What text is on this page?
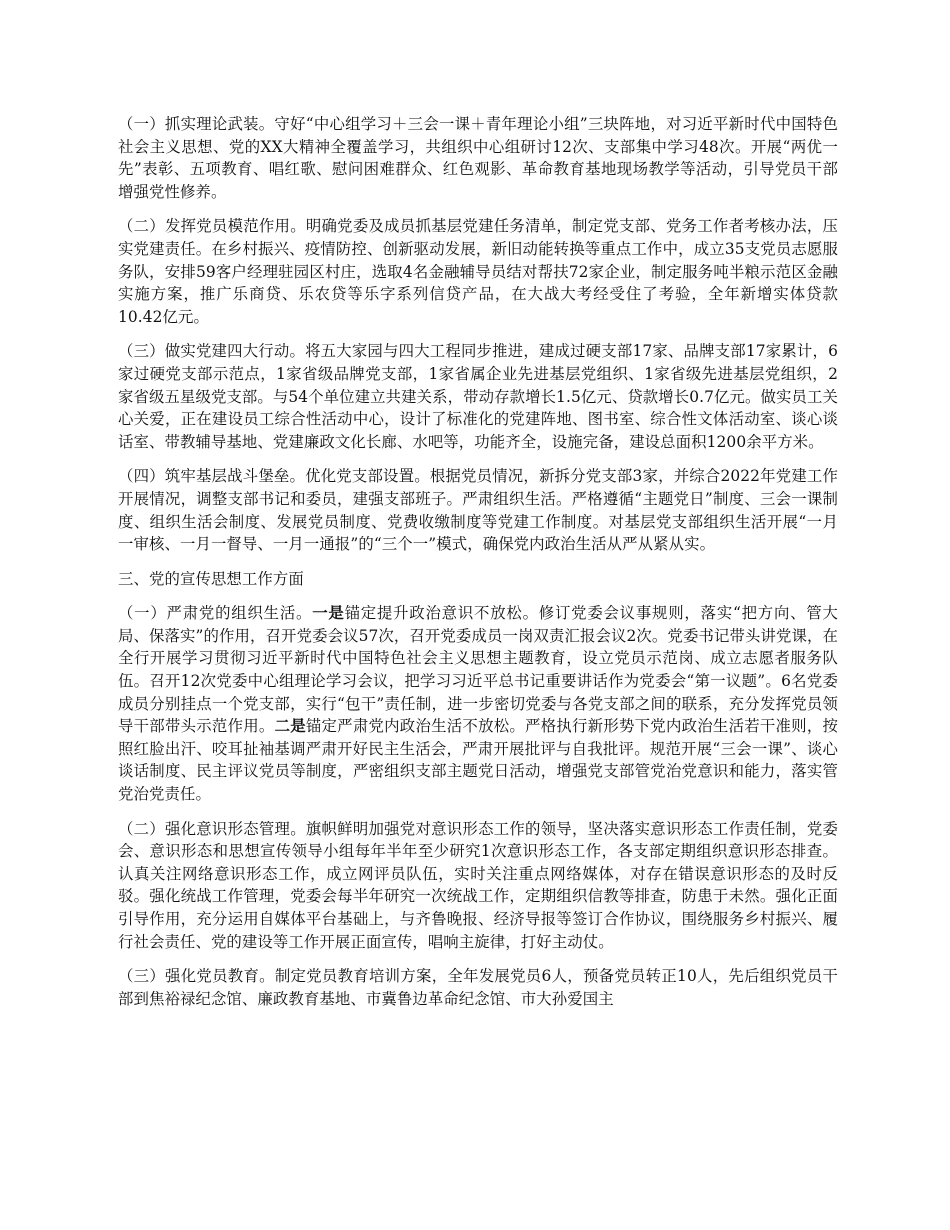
（一）抓实理论武装。守好“中心组学习＋三会一课＋青年理论小组”三块阵地，对习近平新时代中国特色社会主义思想、党的XX大精神全覆盖学习，共组织中心组研讨12次、支部集中学习48次。开展“两优一先”表彰、五项教育、唱红歌、慰问困难群众、红色观影、革命教育基地现场教学等活动，引导党员干部增强党性修养。

（二）发挥党员模范作用。明确党委及成员抓基层党建任务清单，制定党支部、党务工作者考核办法，压实党建责任。在乡村振兴、疫情防控、创新驱动发展，新旧动能转换等重点工作中，成立35支党员志愿服务队，安排59客户经理驻园区村庄，选取4名金融辅导员结对帮扶72家企业，制定服务吨半粮示范区金融实施方案，推广乐商贷、乐农贷等乐字系列信贷产品，在大战大考经受住了考验，全年新增实体贷款10.42亿元。

（三）做实党建四大行动。将五大家园与四大工程同步推进，建成过硬支部17家、品牌支部17家累计，6家过硬党支部示范点，1家省级品牌党支部，1家省属企业先进基层党组织、1家省级先进基层党组织，2家省级五星级党支部。与54个单位建立共建关系，带动存款增长1.5亿元、贷款增长0.7亿元。做实员工关心关爱，正在建设员工综合性活动中心，设计了标准化的党建阵地、图书室、综合性文体活动室、谈心谈话室、带教辅导基地、党建廉政文化长廊、水吧等，功能齐全，设施完备，建设总面积1200余平方米。

（四）筑牢基层战斗堡垒。优化党支部设置。根据党员情况，新拆分党支部3家，并综合2022年党建工作开展情况，调整支部书记和委员，建强支部班子。严肃组织生活。严格遵循“主题党日”制度、三会一课制度、组织生活会制度、发展党员制度、党费收缴制度等党建工作制度。对基层党支部组织生活开展“一月一审核、一月一督导、一月一通报”的“三个一”模式，确保党内政治生活从严从紧从实。

三、党的宣传思想工作方面

（一）严肃党的组织生活。一是锚定提升政治意识不放松。修订党委会议事规则，落实“把方向、管大局、保落实”的作用，召开党委会议57次，召开党委成员一岗双责汇报会议2次。党委书记带头讲党课，在全行开展学习贯彻习近平新时代中国特色社会主义思想主题教育，设立党员示范岗、成立志愿者服务队伍。召开12次党委中心组理论学习会议，把学习习近平总书记重要讲话作为党委会“第一议题”。6名党委成员分别挂点一个党支部，实行“包干”责任制，进一步密切党委与各党支部之间的联系，充分发挥党员领导干部带头示范作用。二是锚定严肃党内政治生活不放松。严格执行新形势下党内政治生活若干准则，按照红脸出汗、咬耳扯袖基调严肃开好民主生活会，严肃开展批评与自我批评。规范开展“三会一课”、谈心谈话制度、民主评议党员等制度，严密组织支部主题党日活动，增强党支部管党治党意识和能力，落实管党治党责任。

（二）强化意识形态管理。旗帜鲜明加强党对意识形态工作的领导，坚决落实意识形态工作责任制，党委会、意识形态和思想宣传领导小组每年半年至少研究1次意识形态工作，各支部定期组织意识形态排查。认真关注网络意识形态工作，成立网评员队伍，实时关注重点网络媒体，对存在错误意识形态的及时反驳。强化统战工作管理，党委会每半年研究一次统战工作，定期组织信教等排查，防患于未然。强化正面引导作用，充分运用自媒体平台基础上，与齐鲁晚报、经济导报等签订合作协议，围绕服务乡村振兴、履行社会责任、党的建设等工作开展正面宣传，唱响主旋律，打好主动仗。

（三）强化党员教育。制定党员教育培训方案，全年发展党员6人，预备党员转正10人，先后组织党员干部到焦裕禄纪念馆、廉政教育基地、市冀鲁边革命纪念馆、市大孙爱国主
